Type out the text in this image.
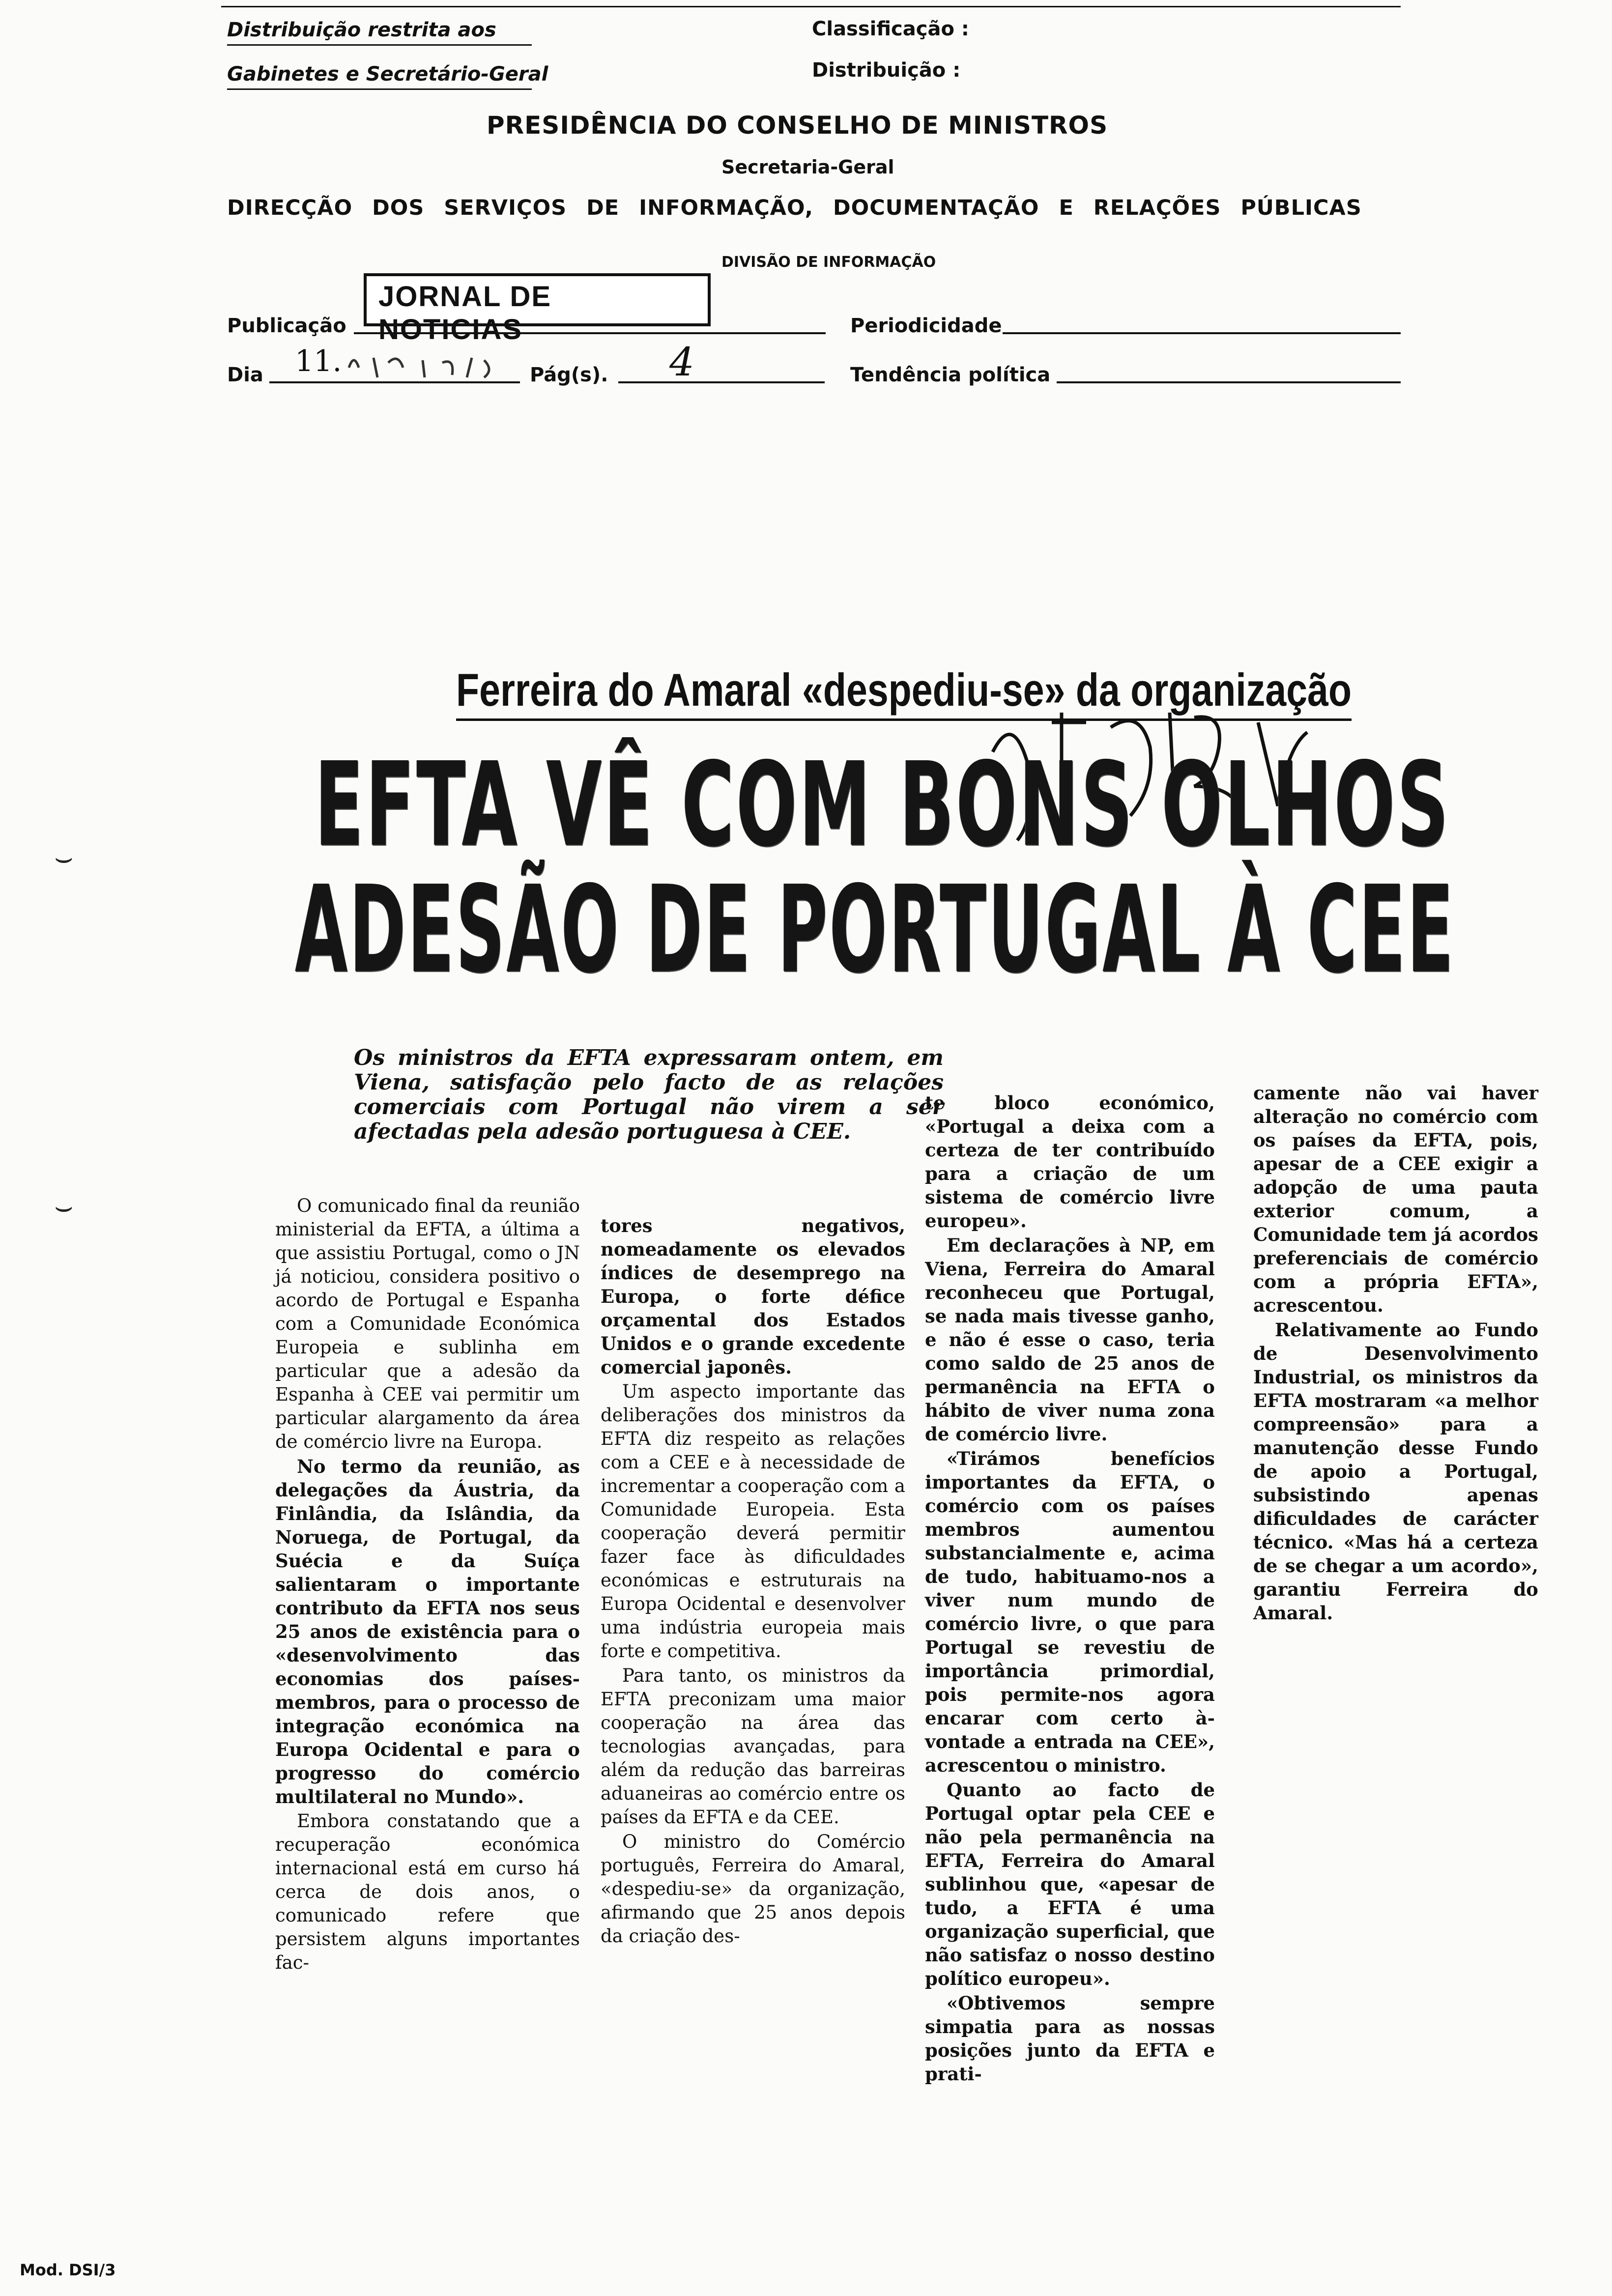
Distribuição restrita aos
Gabinetes e Secretário-Geral
Classificação :
Distribuição :
PRESIDÊNCIA DO CONSELHO DE MINISTROS
Secretaria-Geral
DIRECÇÃO DOS SERVIÇOS DE INFORMAÇÃO, DOCUMENTAÇÃO E RELAÇÕES PÚBLICAS
DIVISÃO DE INFORMAÇÃO
Publicação
JORNAL DE NOTICIAS	Periodicidade
Dia 11.	Pág(s). 4	Tendência política
⌣
⌣
Ferreira do Amaral «despediu-se» da organização
EFTA VÊ COM BONS OLHOS
ADESÃO DE PORTUGAL À CEE
Os ministros da EFTA expressaram ontem, em Viena, satisfação pelo facto de as relações comerciais com Portugal não virem a ser afectadas pela adesão portuguesa à CEE.

O comunicado final da reunião ministerial da EFTA, a última a que assistiu Portugal, como o JN já noticiou, considera positivo o acordo de Portugal e Espanha com a Comunidade Económica Europeia e sublinha em particular que a adesão da Espanha à CEE vai permitir um particular alargamento da área de comércio livre na Europa.

No termo da reunião, as delegações da Áustria, da Finlândia, da Islândia, da Noruega, de Portugal, da Suécia e da Suíça salientaram o importante contributo da EFTA nos seus 25 anos de existência para o «desenvolvimento das economias dos países-membros, para o processo de integração económica na Europa Ocidental e para o progresso do comércio multilateral no Mundo».

Embora constatando que a recuperação económica internacional está em curso há cerca de dois anos, o comunicado refere que persistem alguns importantes fac-

tores negativos, nomeadamente os elevados índices de desemprego na Europa, o forte défice orçamental dos Estados Unidos e o grande excedente comercial japonês.

Um aspecto importante das deliberações dos ministros da EFTA diz respeito as relações com a CEE e à necessidade de incrementar a cooperação com a Comunidade Europeia. Esta cooperação deverá permitir fazer face às dificuldades económicas e estruturais na Europa Ocidental e desenvolver uma indústria europeia mais forte e competitiva.

Para tanto, os ministros da EFTA preconizam uma maior cooperação na área das tecnologias avançadas, para além da redução das barreiras aduaneiras ao comércio entre os países da EFTA e da CEE.

O ministro do Comércio português, Ferreira do Amaral, «despediu-se» da organização, afirmando que 25 anos depois da criação des-

te bloco económico, «Portugal a deixa com a certeza de ter contribuído para a criação de um sistema de comércio livre europeu».

Em declarações à NP, em Viena, Ferreira do Amaral reconheceu que Portugal, se nada mais tivesse ganho, e não é esse o caso, teria como saldo de 25 anos de permanência na EFTA o hábito de viver numa zona de comércio livre.

«Tirámos benefícios importantes da EFTA, o comércio com os países membros aumentou substancialmente e, acima de tudo, habituamo-nos a viver num mundo de comércio livre, o que para Portugal se revestiu de importância primordial, pois permite-nos agora encarar com certo à-vontade a entrada na CEE», acrescentou o ministro.

Quanto ao facto de Portugal optar pela CEE e não pela permanência na EFTA, Ferreira do Amaral sublinhou que, «apesar de tudo, a EFTA é uma organização superficial, que não satisfaz o nosso destino político europeu».

«Obtivemos sempre simpatia para as nossas posições junto da EFTA e prati-

camente não vai haver alteração no comércio com os países da EFTA, pois, apesar de a CEE exigir a adopção de uma pauta exterior comum, a Comunidade tem já acordos preferenciais de comércio com a própria EFTA», acrescentou.

Relativamente ao Fundo de Desenvolvimento Industrial, os ministros da EFTA mostraram «a melhor compreensão» para a manutenção desse Fundo de apoio a Portugal, subsistindo apenas dificuldades de carácter técnico. «Mas há a certeza de se chegar a um acordo», garantiu Ferreira do Amaral.

Mod. DSI/3
